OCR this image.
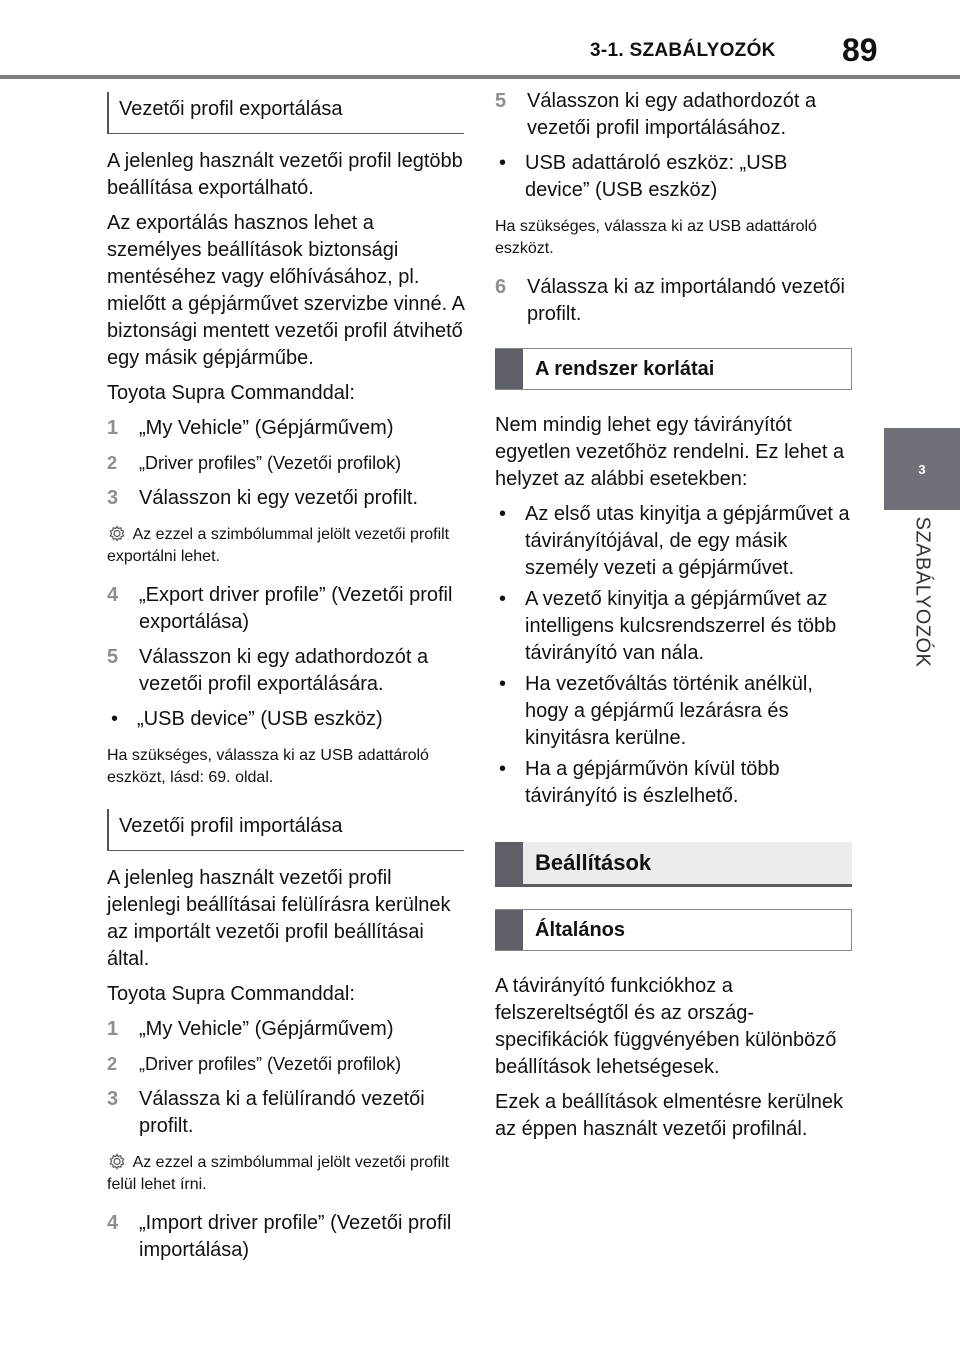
3-1. SZABÁLYOZÓK 89
3
SZABÁLYOZÓK
Vezetői profil exportálása

A jelenleg használt vezetői profil legtöbb beállítása exportálható.

Az exportálás hasznos lehet a személyes beállítások biztonsági mentéséhez vagy előhívásához, pl. mielőtt a gépjárművet szervizbe vinné. A biztonsági mentett vezetői profil átvihető egy másik gépjárműbe.

Toyota Supra Commanddal:

1	„My Vehicle” (Gépjárművem)
2	„Driver profiles” (Vezetői profilok)
3	Válasszon ki egy vezetői profilt.
Az ezzel a szimbólummal jelölt vezetői profilt exportálni lehet.
4	„Export driver profile” (Vezetői profil exportálása)
5	Válasszon ki egy adathordozót a vezetői profil exportálására.
• „USB device” (USB eszköz)
Ha szükséges, válassza ki az USB adattároló eszközt, lásd: 69. oldal.
Vezetői profil importálása

A jelenleg használt vezetői profil jelenlegi beállításai felülírásra kerülnek az importált vezetői profil beállításai által.

Toyota Supra Commanddal:

1	„My Vehicle” (Gépjárművem)
2	„Driver profiles” (Vezetői profilok)
3	Válassza ki a felülírandó vezetői profilt.
Az ezzel a szimbólummal jelölt vezetői profilt felül lehet írni.
4	„Import driver profile” (Vezetői profil importálása)
5	Válasszon ki egy adathordozót a vezetői profil importálásához.
• USB adattároló eszköz: „USB device” (USB eszköz)
Ha szükséges, válassza ki az USB adattároló eszközt.
6	Válassza ki az importálandó vezetői profilt.
A rendszer korlátai

Nem mindig lehet egy távirányítót egyetlen vezetőhöz rendelni. Ez lehet a helyzet az alábbi esetekben:

• Az első utas kinyitja a gépjárművet a távirányítójával, de egy másik személy vezeti a gépjárművet.
• A vezető kinyitja a gépjárművet az intelligens kulcsrendszerrel és több távirányító van nála.
• Ha vezetőváltás történik anélkül, hogy a gépjármű lezárásra és kinyitásra kerülne.
• Ha a gépjárművön kívül több távirányító is észlelhető.
Beállítások
Általános

A távirányító funkciókhoz a felszereltségtől és az ország-specifikációk függvényében különböző beállítások lehetségesek.

Ezek a beállítások elmentésre kerülnek az éppen használt vezetői profilnál.
